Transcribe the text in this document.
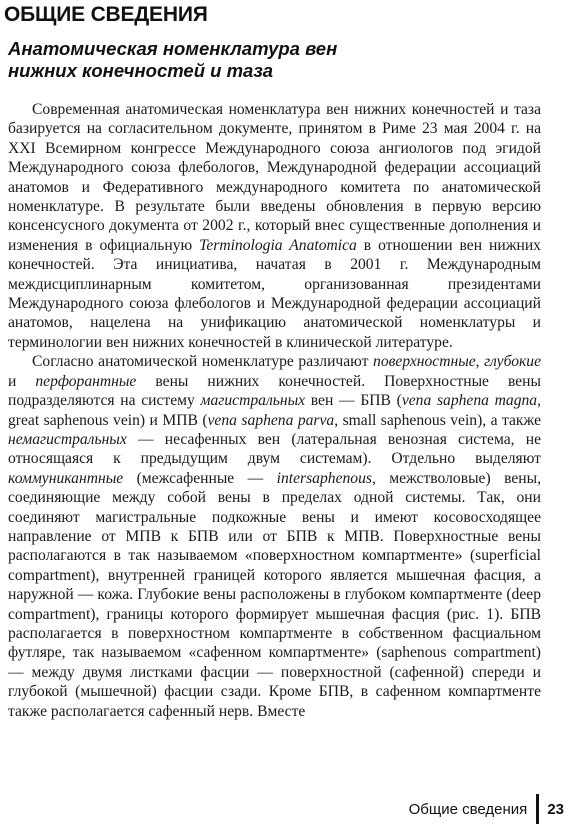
ОБЩИЕ СВЕДЕНИЯ
Анатомическая номенклатура вен
нижних конечностей и таза

Современная анатомическая номенклатура вен нижних конечностей и таза базируется на согласительном документе, принятом в Риме 23 мая 2004 г. на XXI Всемирном конгрессе Международного союза ангиологов под эгидой Международного союза флебологов, Международной федерации ассоциаций анатомов и Федеративного международного комитета по анатомической номенклатуре. В результате были введены обновления в первую версию консенсусного документа от 2002 г., который внес существенные дополнения и изменения в официальную Terminologia Anatomica в отношении вен нижних конечностей. Эта инициатива, начатая в 2001 г. Международным междисциплинарным комитетом, организованная президентами Международного союза флебологов и Международной федерации ассоциаций анатомов, нацелена на унификацию анатомической номенклатуры и терминологии вен нижних конечностей в клинической литературе.

Согласно анатомической номенклатуре различают поверхностные, глубокие и перфорантные вены нижних конечностей. Поверхностные вены подразделяются на систему магистральных вен — БПВ (vena saphena magna, great saphenous vein) и МПВ (vena saphena parva, small saphenous vein), а также немагистральных — несафенных вен (латеральная венозная система, не относящаяся к предыдущим двум системам). Отдельно выделяют коммуникантные (межсафенные — intersaphenous, межстволовые) вены, соединяющие между собой вены в пределах одной системы. Так, они соединяют магистральные подкожные вены и имеют косовосходящее направление от МПВ к БПВ или от БПВ к МПВ. Поверхностные вены располагаются в так называемом «поверхностном компартменте» (superficial compartment), внутренней границей которого является мышечная фасция, а наружной — кожа. Глубокие вены расположены в глубоком компартменте (deep compartment), границы которого формирует мышечная фасция (рис. 1). БПВ располагается в поверхностном компартменте в собственном фасциальном футляре, так называемом «сафенном компартменте» (saphenous compartment) — между двумя листками фасции — поверхностной (сафенной) спереди и глубокой (мышечной) фасции сзади. Кроме БПВ, в сафенном компартменте также располагается сафенный нерв. Вместе

Общие сведения	23
